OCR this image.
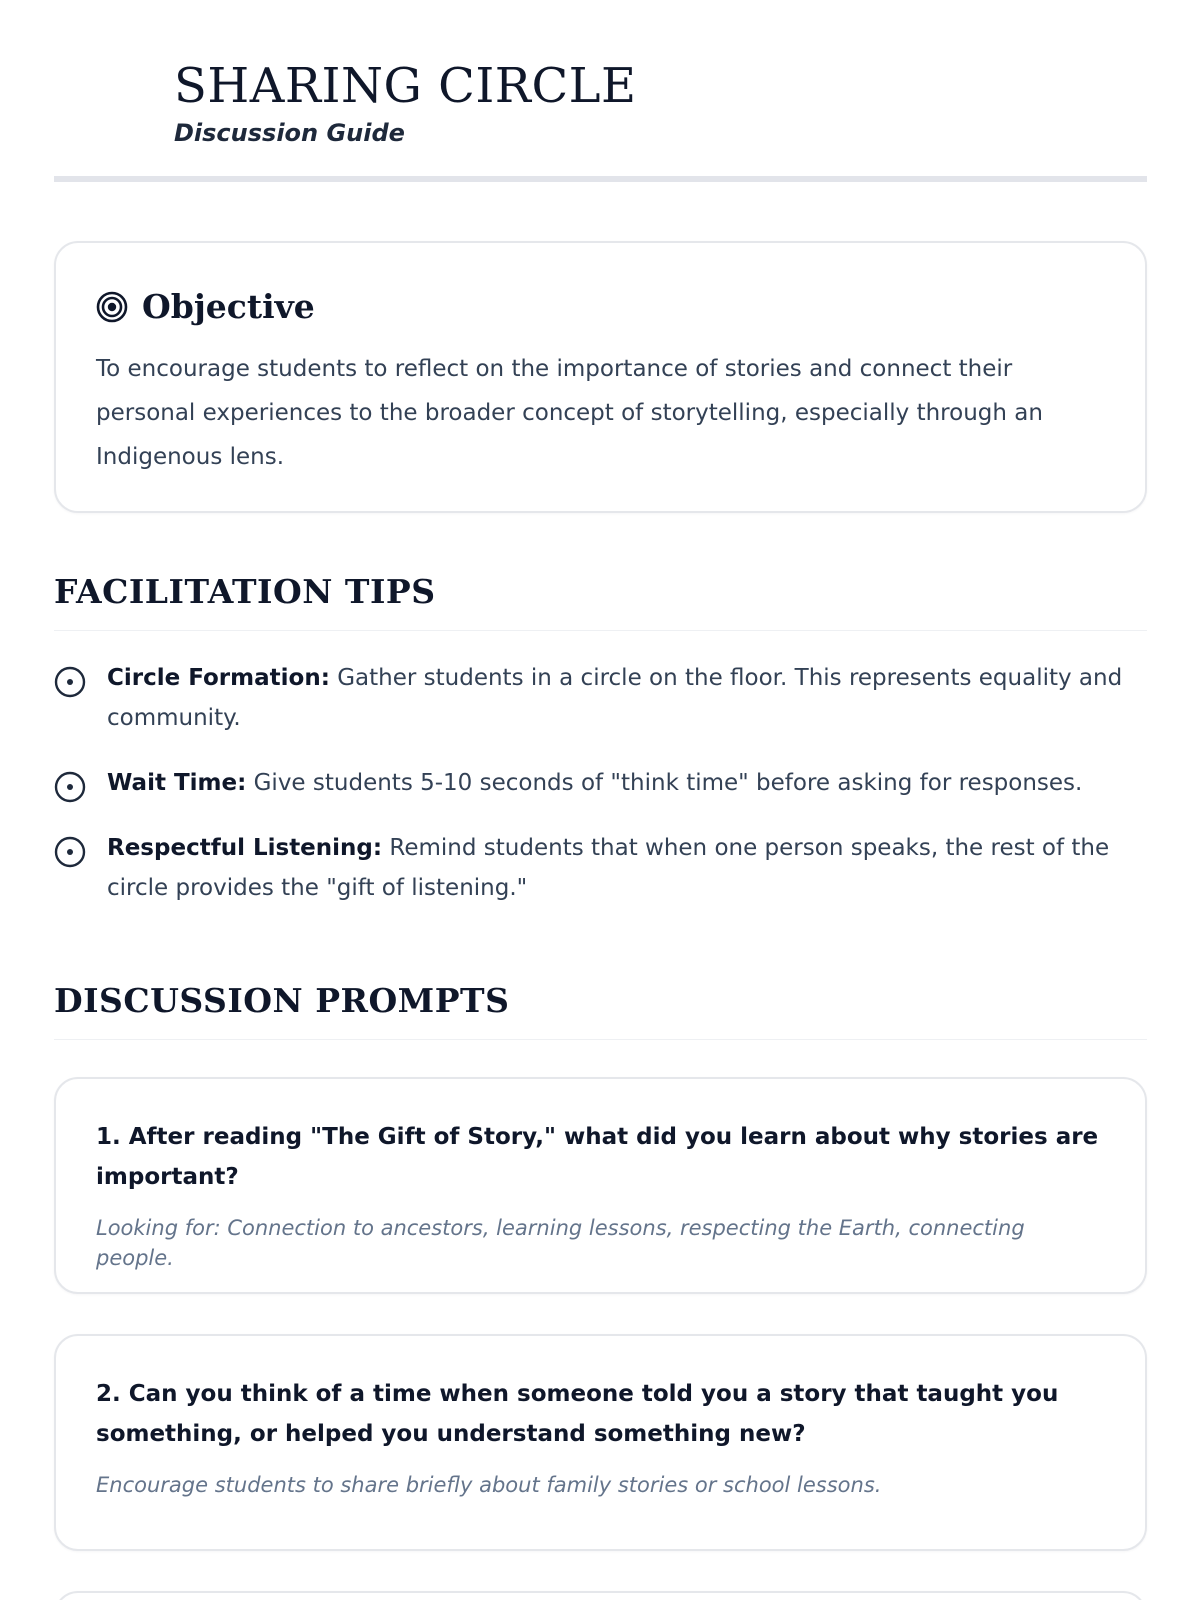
SHARING CIRCLE
Discussion Guide
Objective

To encourage students to reflect on the importance of stories and connect their personal experiences to the broader concept of storytelling, especially through an Indigenous lens.

FACILITATION TIPS

Circle Formation: Gather students in a circle on the floor. This represents equality and community.

Wait Time: Give students 5-10 seconds of "think time" before asking for responses.

Respectful Listening: Remind students that when one person speaks, the rest of the circle provides the "gift of listening."

DISCUSSION PROMPTS

1. After reading "The Gift of Story," what did you learn about why stories are important?

Looking for: Connection to ancestors, learning lessons, respecting the Earth, connecting people.

2. Can you think of a time when someone told you a story that taught you something, or helped you understand something new?

Encourage students to share briefly about family stories or school lessons.
